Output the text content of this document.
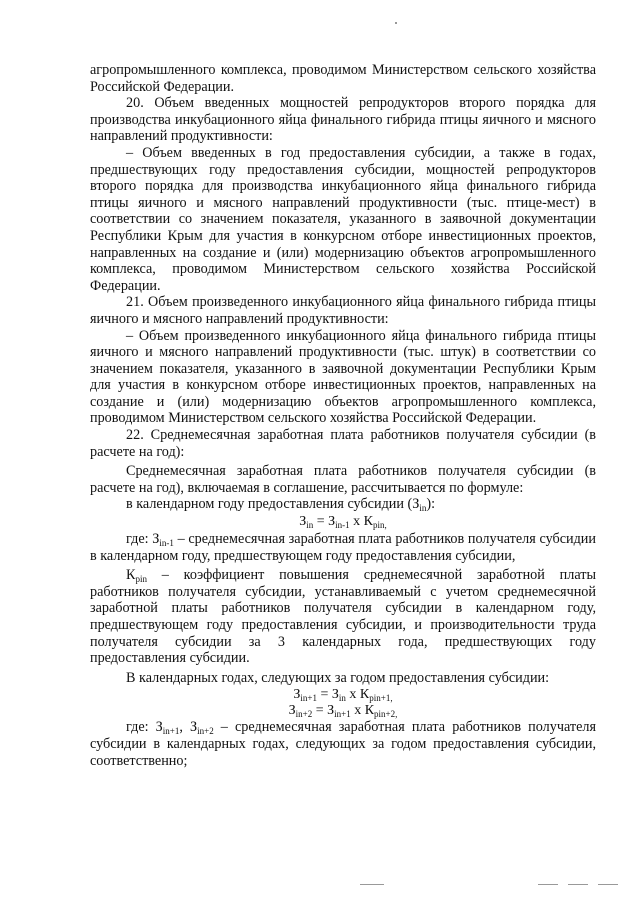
агропромышленного комплекса, проводимом Министерством сельского хозяйства Российской Федерации.

20. Объем введенных мощностей репродукторов второго порядка для производства инкубационного яйца финального гибрида птицы яичного и мясного направлений продуктивности:

– Объем введенных в год предоставления субсидии, а также в годах, предшествующих году предоставления субсидии, мощностей репродукторов второго порядка для производства инкубационного яйца финального гибрида птицы яичного и мясного направлений продуктивности (тыс. птице-мест) в соответствии со значением показателя, указанного в заявочной документации Республики Крым для участия в конкурсном отборе инвестиционных проектов, направленных на создание и (или) модернизацию объектов агропромышленного комплекса, проводимом Министерством сельского хозяйства Российской Федерации.

21. Объем произведенного инкубационного яйца финального гибрида птицы яичного и мясного направлений продуктивности:

– Объем произведенного инкубационного яйца финального гибрида птицы яичного и мясного направлений продуктивности (тыс. штук) в соответствии со значением показателя, указанного в заявочной документации Республики Крым для участия в конкурсном отборе инвестиционных проектов, направленных на создание и (или) модернизацию объектов агропромышленного комплекса, проводимом Министерством сельского хозяйства Российской Федерации.

22. Среднемесячная заработная плата работников получателя субсидии (в расчете на год):

Среднемесячная заработная плата работников получателя субсидии (в расчете на год), включаемая в соглашение, рассчитывается по формуле:

в календарном году предоставления субсидии $(З_{in})$:

$З_{in} = З_{in-1}$ x $К_{pin,}$

где: $З_{in-1}$ – среднемесячная заработная плата работников получателя субсидии в календарном году, предшествующем году предоставления субсидии,

$К_{pin}$ – коэффициент повышения среднемесячной заработной платы работников получателя субсидии, устанавливаемый с учетом среднемесячной заработной платы работников получателя субсидии в календарном году, предшествующем году предоставления субсидии, и производительности труда получателя субсидии за 3 календарных года, предшествующих году предоставления субсидии.

В календарных годах, следующих за годом предоставления субсидии:

$З_{in+1} = З_{in}$ x $К_{pin+1,}$

$З_{in+2} = З_{in+1}$ x $К_{pin+2,}$

где: $З_{in+1}$, $З_{in+2}$ – среднемесячная заработная плата работников получателя субсидии в календарных годах, следующих за годом предоставления субсидии, соответственно;
